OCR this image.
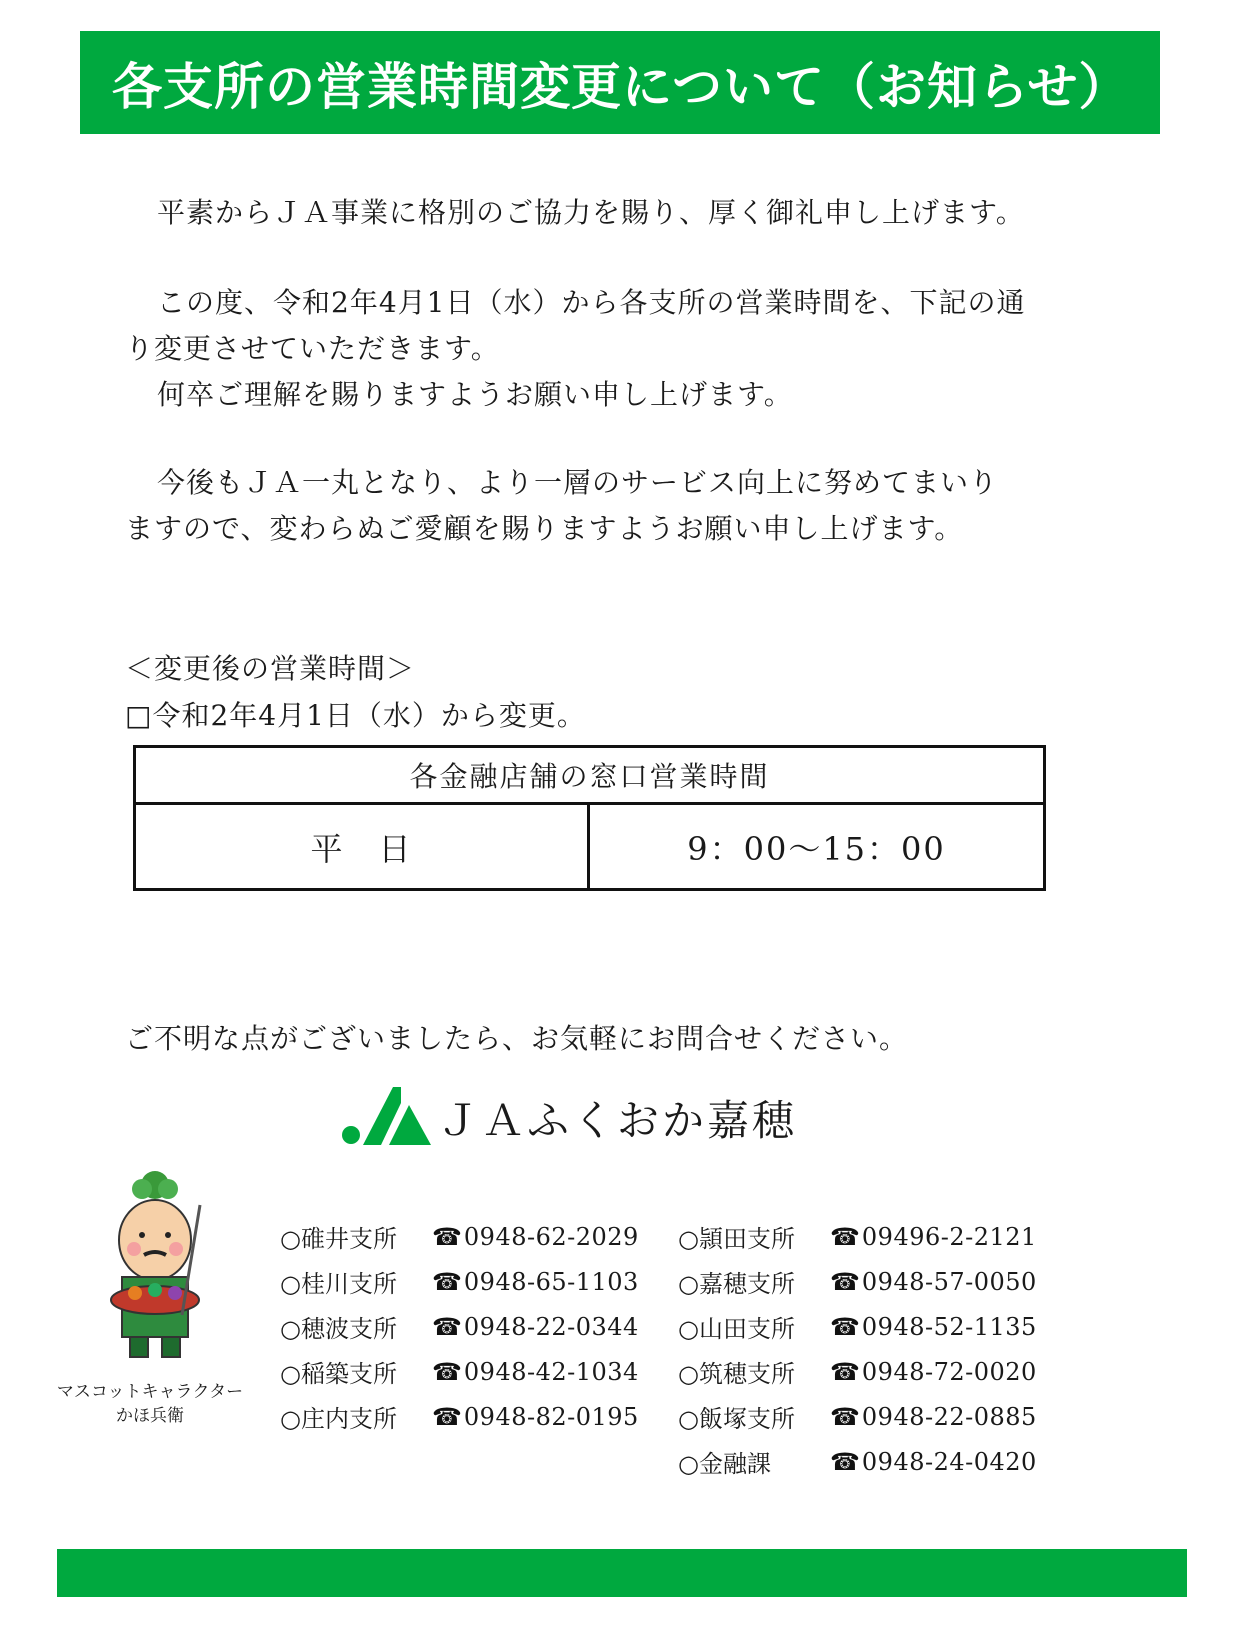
各支所の営業時間変更について（お知らせ）

平素からＪＡ事業に格別のご協力を賜り、厚く御礼申し上げます。

この度、令和2年4月1日（水）から各支所の営業時間を、下記の通
り変更させていただきます。
何卒ご理解を賜りますようお願い申し上げます。
今後もＪＡ一丸となり、より一層のサービス向上に努めてまいり
ますので、変わらぬご愛顧を賜りますようお願い申し上げます。
＜変更後の営業時間＞
□令和2年4月1日（水）から変更。
各金融店舗の窓口営業時間
平　日	9：00～15：00
ご不明な点がございましたら、お気軽にお問合せください。
ＪＡふくおか嘉穂
マスコットキャラクター
かほ兵衛
○碓井支所	☎ 0948-62-2029
○桂川支所	☎ 0948-65-1103
○穂波支所	☎ 0948-22-0344
○稲築支所	☎ 0948-42-1034
○庄内支所	☎ 0948-82-0195
○頴田支所	☎ 09496-2-2121
○嘉穂支所	☎ 0948-57-0050
○山田支所	☎ 0948-52-1135
○筑穂支所	☎ 0948-72-0020
○飯塚支所	☎ 0948-22-0885
○金融課	☎ 0948-24-0420
